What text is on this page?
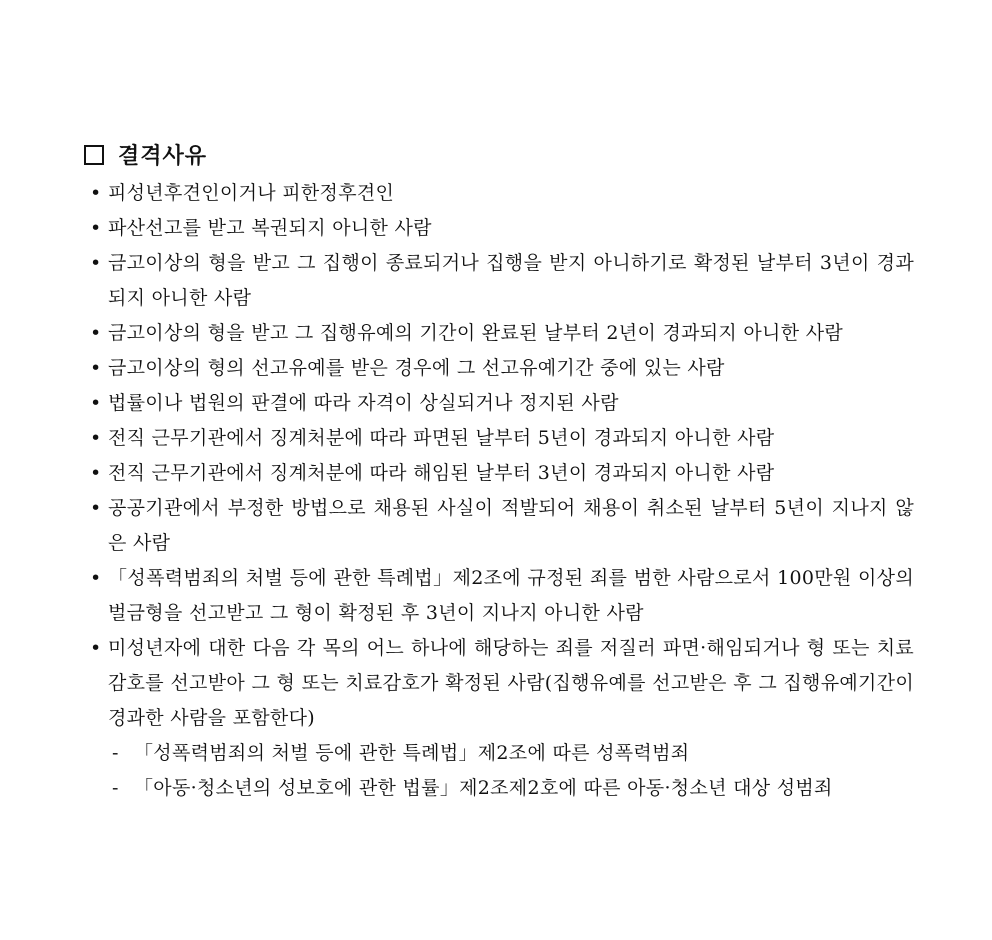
결격사유
• 피성년후견인이거나 피한정후견인
• 파산선고를 받고 복권되지 아니한 사람
• 금고이상의 형을 받고 그 집행이 종료되거나 집행을 받지 아니하기로 확정된 날부터 3년이 경과되지 아니한 사람
• 금고이상의 형을 받고 그 집행유예의 기간이 완료된 날부터 2년이 경과되지 아니한 사람
• 금고이상의 형의 선고유예를 받은 경우에 그 선고유예기간 중에 있는 사람
• 법률이나 법원의 판결에 따라 자격이 상실되거나 정지된 사람
• 전직 근무기관에서 징계처분에 따라 파면된 날부터 5년이 경과되지 아니한 사람
• 전직 근무기관에서 징계처분에 따라 해임된 날부터 3년이 경과되지 아니한 사람
• 공공기관에서 부정한 방법으로 채용된 사실이 적발되어 채용이 취소된 날부터 5년이 지나지 않은 사람
• 「성폭력범죄의 처벌 등에 관한 특례법」제2조에 규정된 죄를 범한 사람으로서 100만원 이상의 벌금형을 선고받고 그 형이 확정된 후 3년이 지나지 아니한 사람
• 미성년자에 대한 다음 각 목의 어느 하나에 해당하는 죄를 저질러 파면·해임되거나 형 또는 치료감호를 선고받아 그 형 또는 치료감호가 확정된 사람(집행유예를 선고받은 후 그 집행유예기간이 경과한 사람을 포함한다)
- 「성폭력범죄의 처벌 등에 관한 특례법」제2조에 따른 성폭력범죄
- 「아동·청소년의 성보호에 관한 법률」제2조제2호에 따른 아동·청소년 대상 성범죄
